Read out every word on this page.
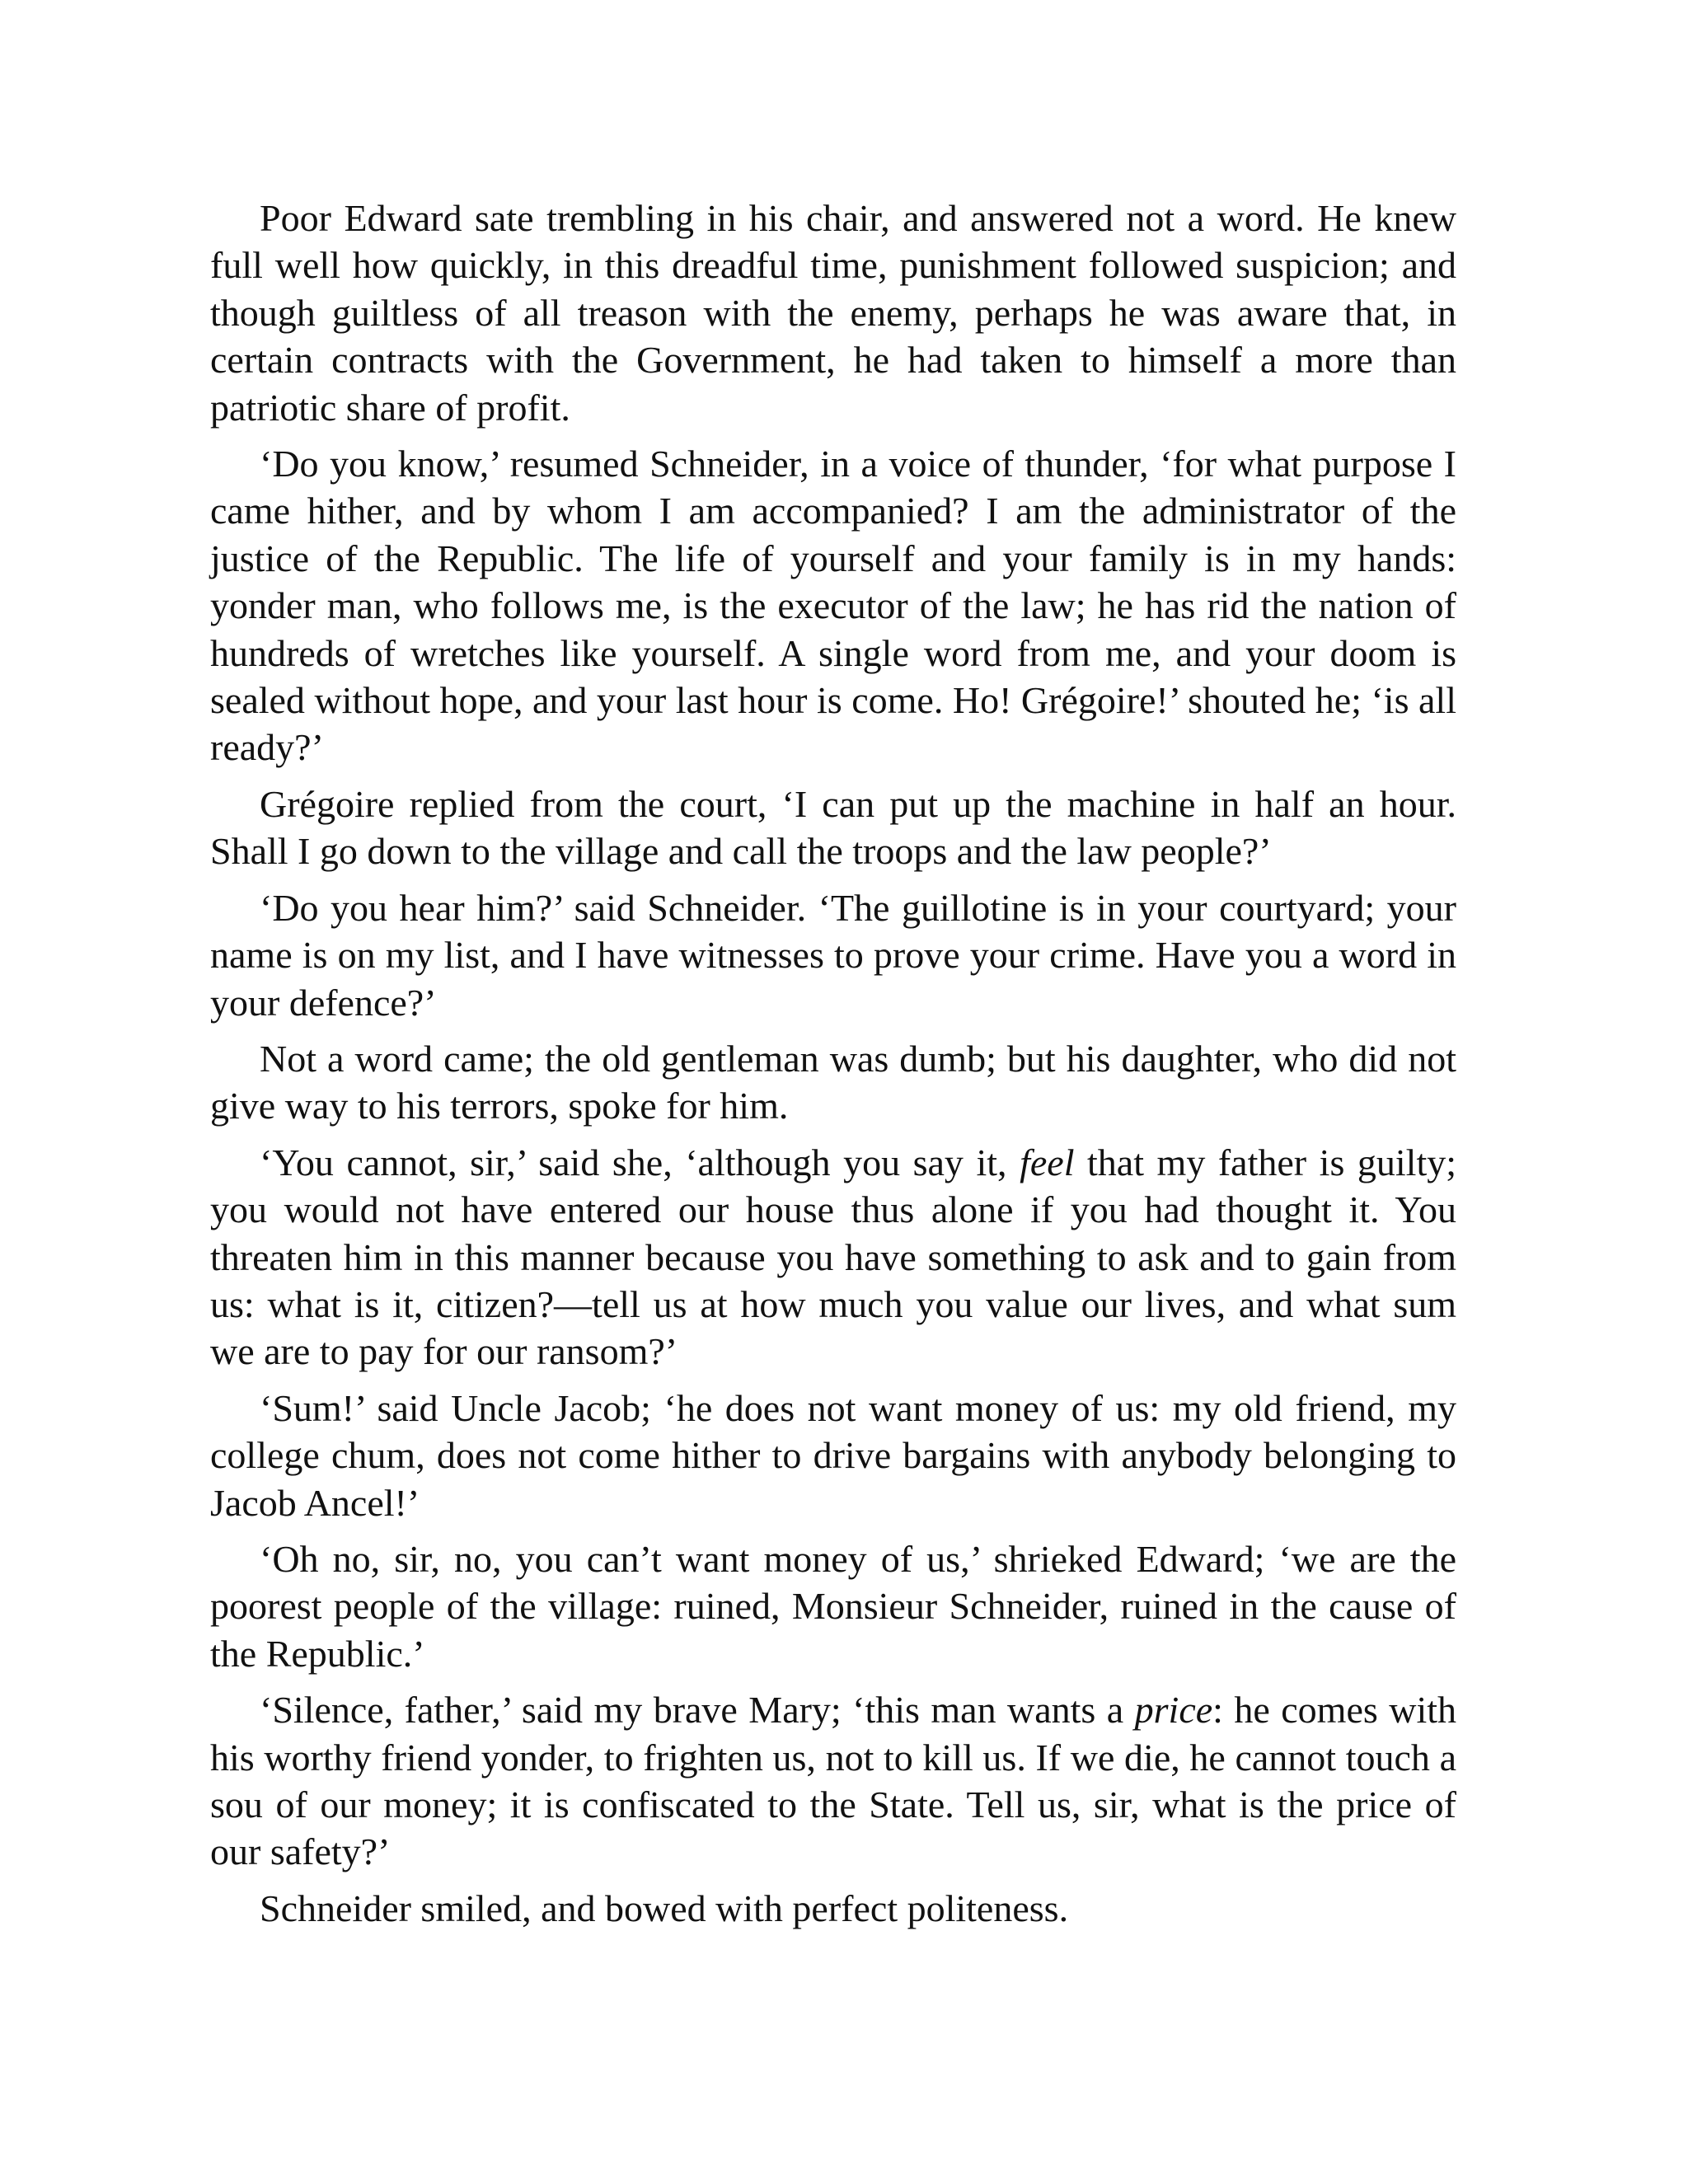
Poor Edward sate trembling in his chair, and answered not a word. He knew full well how quickly, in this dreadful time, punishment followed suspicion; and though guiltless of all treason with the enemy, perhaps he was aware that, in certain contracts with the Government, he had taken to himself a more than patriotic share of profit.

‘Do you know,’ resumed Schneider, in a voice of thunder, ‘for what purpose I came hither, and by whom I am accompanied? I am the administrator of the justice of the Republic. The life of yourself and your family is in my hands: yonder man, who follows me, is the executor of the law; he has rid the nation of hundreds of wretches like yourself. A single word from me, and your doom is sealed without hope, and your last hour is come. Ho! Grégoire!’ shouted he; ‘is all ready?’

Grégoire replied from the court, ‘I can put up the machine in half an hour. Shall I go down to the village and call the troops and the law people?’

‘Do you hear him?’ said Schneider. ‘The guillotine is in your courtyard; your name is on my list, and I have witnesses to prove your crime. Have you a word in your defence?’

Not a word came; the old gentleman was dumb; but his daughter, who did not give way to his terrors, spoke for him.

‘You cannot, sir,’ said she, ‘although you say it, feel that my father is guilty; you would not have entered our house thus alone if you had thought it. You threaten him in this manner because you have something to ask and to gain from us: what is it, citizen?—tell us at how much you value our lives, and what sum we are to pay for our ransom?’

‘Sum!’ said Uncle Jacob; ‘he does not want money of us: my old friend, my college chum, does not come hither to drive bargains with anybody belonging to Jacob Ancel!’

‘Oh no, sir, no, you can’t want money of us,’ shrieked Edward; ‘we are the poorest people of the village: ruined, Monsieur Schneider, ruined in the cause of the Republic.’

‘Silence, father,’ said my brave Mary; ‘this man wants a price: he comes with his worthy friend yonder, to frighten us, not to kill us. If we die, he cannot touch a sou of our money; it is confiscated to the State. Tell us, sir, what is the price of our safety?’

Schneider smiled, and bowed with perfect politeness.
